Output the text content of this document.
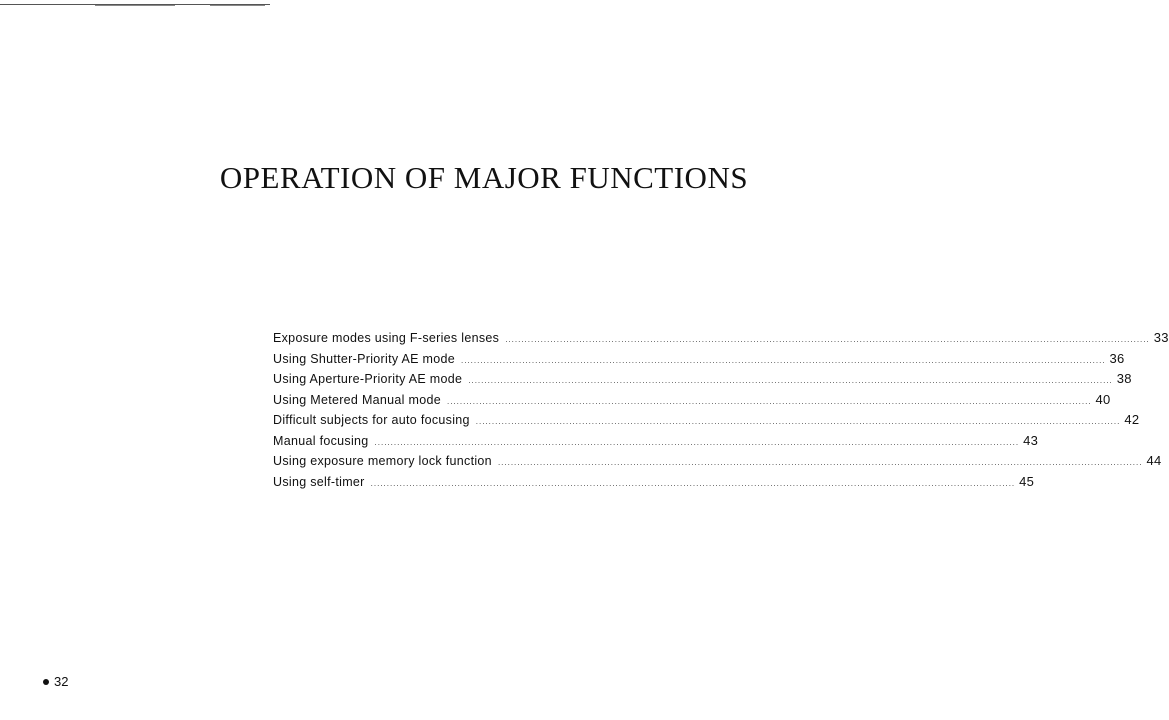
OPERATION OF MAJOR FUNCTIONS
Exposure modes using F-series lenses ........................................................................................................................................................................................................ 33
Using Shutter-Priority AE mode ........................................................................................................................................................................................................ 36
Using Aperture-Priority AE mode ........................................................................................................................................................................................................ 38
Using Metered Manual mode ........................................................................................................................................................................................................ 40
Difficult subjects for auto focusing ........................................................................................................................................................................................................ 42
Manual focusing ........................................................................................................................................................................................................ 43
Using exposure memory lock function ........................................................................................................................................................................................................ 44
Using self-timer ........................................................................................................................................................................................................ 45
32
